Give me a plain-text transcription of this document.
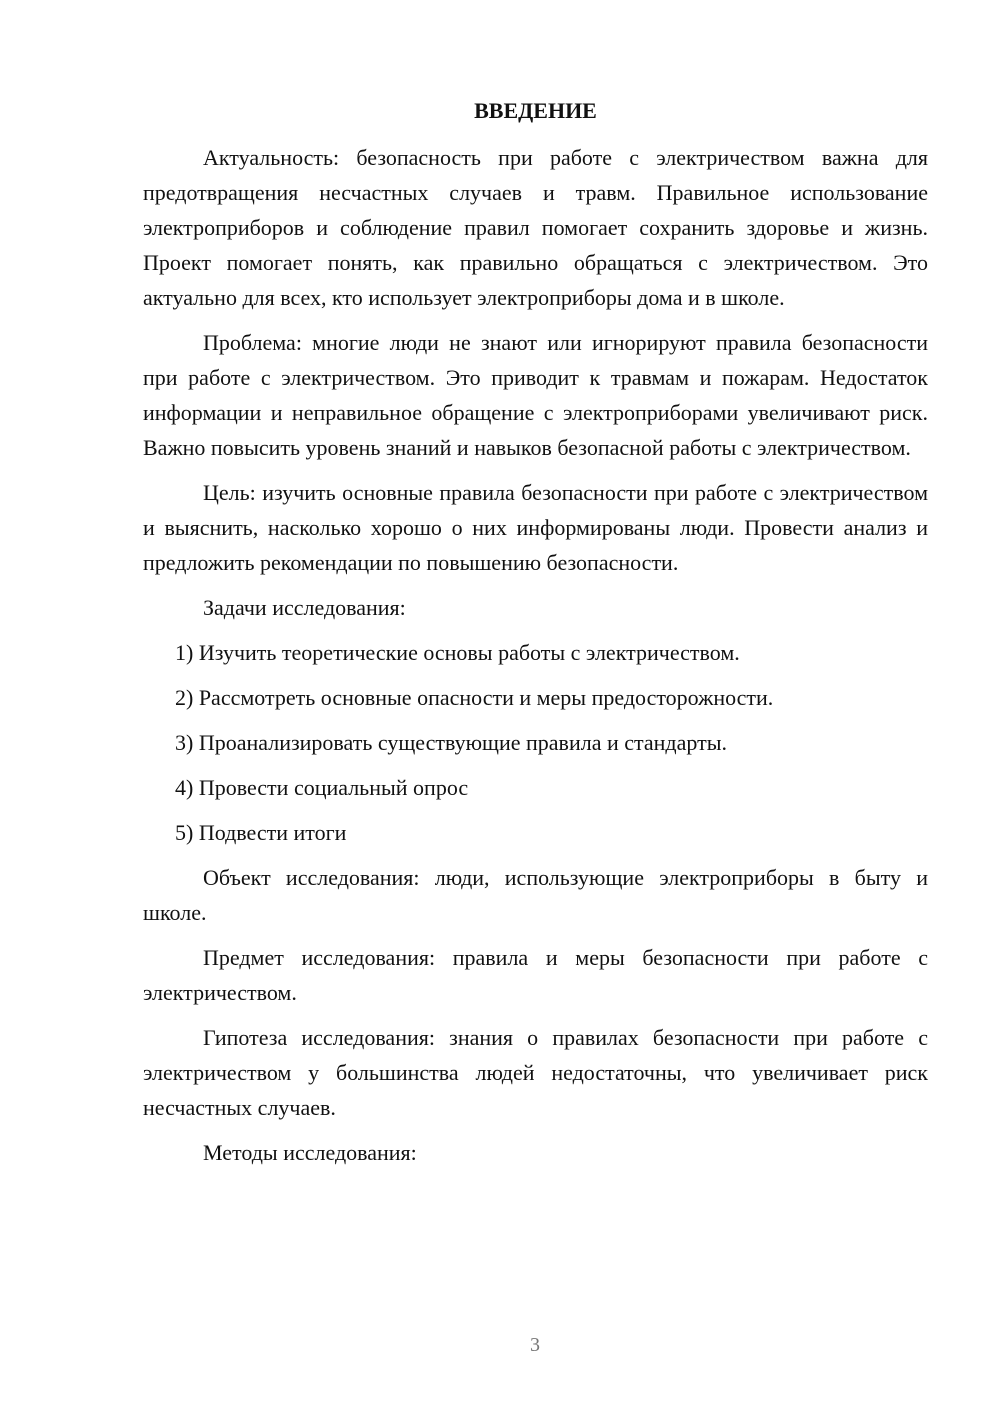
ВВЕДЕНИЕ

Актуальность: безопасность при работе с электричеством важна для предотвращения несчастных случаев и травм. Правильное использование электроприборов и соблюдение правил помогает сохранить здоровье и жизнь. Проект помогает понять, как правильно обращаться с электричеством. Это актуально для всех, кто использует электроприборы дома и в школе.

Проблема: многие люди не знают или игнорируют правила безопасности при работе с электричеством. Это приводит к травмам и пожарам. Недостаток информации и неправильное обращение с электроприборами увеличивают риск. Важно повысить уровень знаний и навыков безопасной работы с электричеством.

Цель: изучить основные правила безопасности при работе с электричеством и выяснить, насколько хорошо о них информированы люди. Провести анализ и предложить рекомендации по повышению безопасности.

Задачи исследования:

1) Изучить теоретические основы работы с электричеством.
2) Рассмотреть основные опасности и меры предосторожности.
3) Проанализировать существующие правила и стандарты.
4) Провести социальный опрос
5) Подвести итоги

Объект исследования: люди, использующие электроприборы в быту и школе.

Предмет исследования: правила и меры безопасности при работе с электричеством.

Гипотеза исследования: знания о правилах безопасности при работе с электричеством у большинства людей недостаточны, что увеличивает риск несчастных случаев.

Методы исследования:

3
